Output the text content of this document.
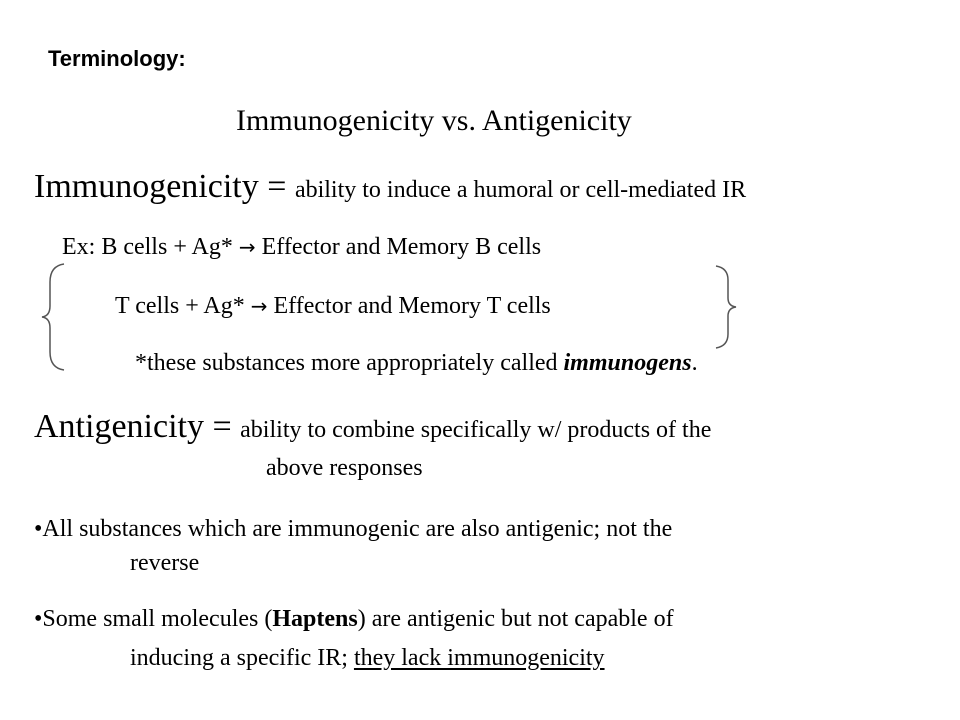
Terminology:
Immunogenicity vs. Antigenicity
Immunogenicity = ability to induce a humoral or cell-mediated IR
Ex: B cells + Ag* → Effector and Memory B cells
T cells + Ag* → Effector and Memory T cells
*these substances more appropriately called immunogens.
Antigenicity = ability to combine specifically w/ products of the
above responses
•All substances which are immunogenic are also antigenic; not the
reverse
•Some small molecules (Haptens) are antigenic but not capable of
inducing a specific IR; they lack immunogenicity
